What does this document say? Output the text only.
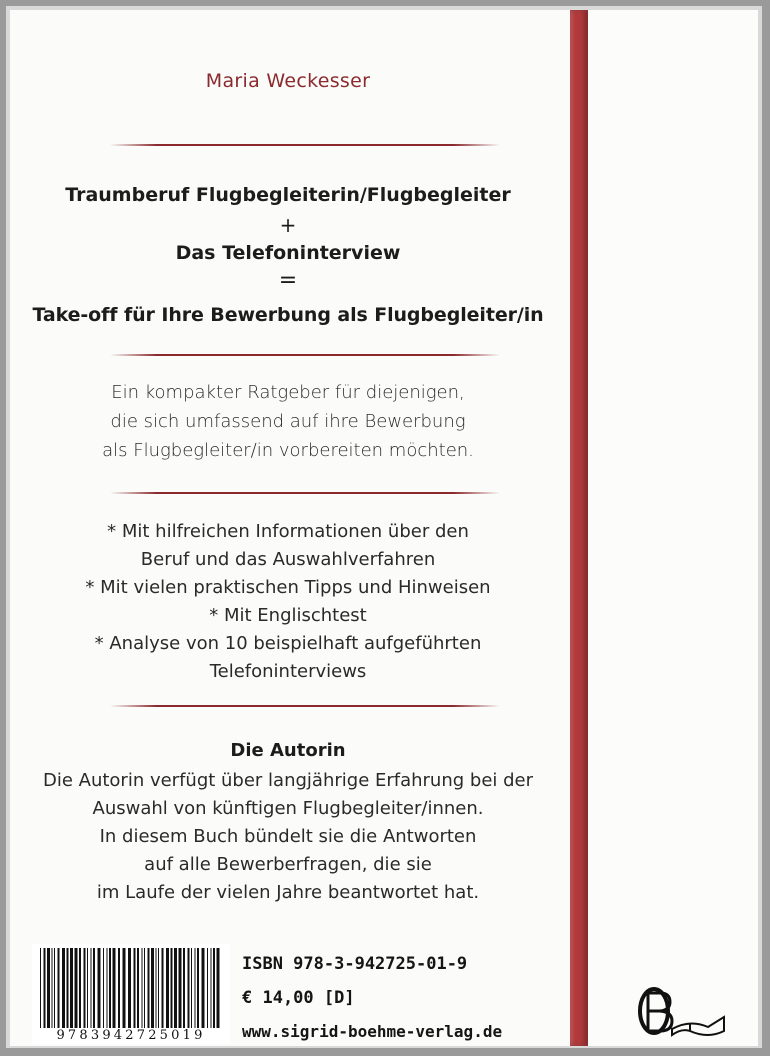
Maria Weckesser
Traumberuf Flugbegleiterin/Flugbegleiter
+
Das Telefoninterview
=
Take-off für Ihre Bewerbung als Flugbegleiter/in
Ein kompakter Ratgeber für diejenigen,
die sich umfassend auf ihre Bewerbung
als Flugbegleiter/in vorbereiten möchten.
* Mit hilfreichen Informationen über den
Beruf und das Auswahlverfahren
* Mit vielen praktischen Tipps und Hinweisen
* Mit Englischtest
* Analyse von 10 beispielhaft aufgeführten
Telefoninterviews
Die Autorin
Die Autorin verfügt über langjährige Erfahrung bei der
Auswahl von künftigen Flugbegleiter/innen.
In diesem Buch bündelt sie die Antworten
auf alle Bewerberfragen, die sie
im Laufe der vielen Jahre beantwortet hat.
9783942725019
ISBN 978-3-942725-01-9
€ 14,00 [D]
www.sigrid-boehme-verlag.de
